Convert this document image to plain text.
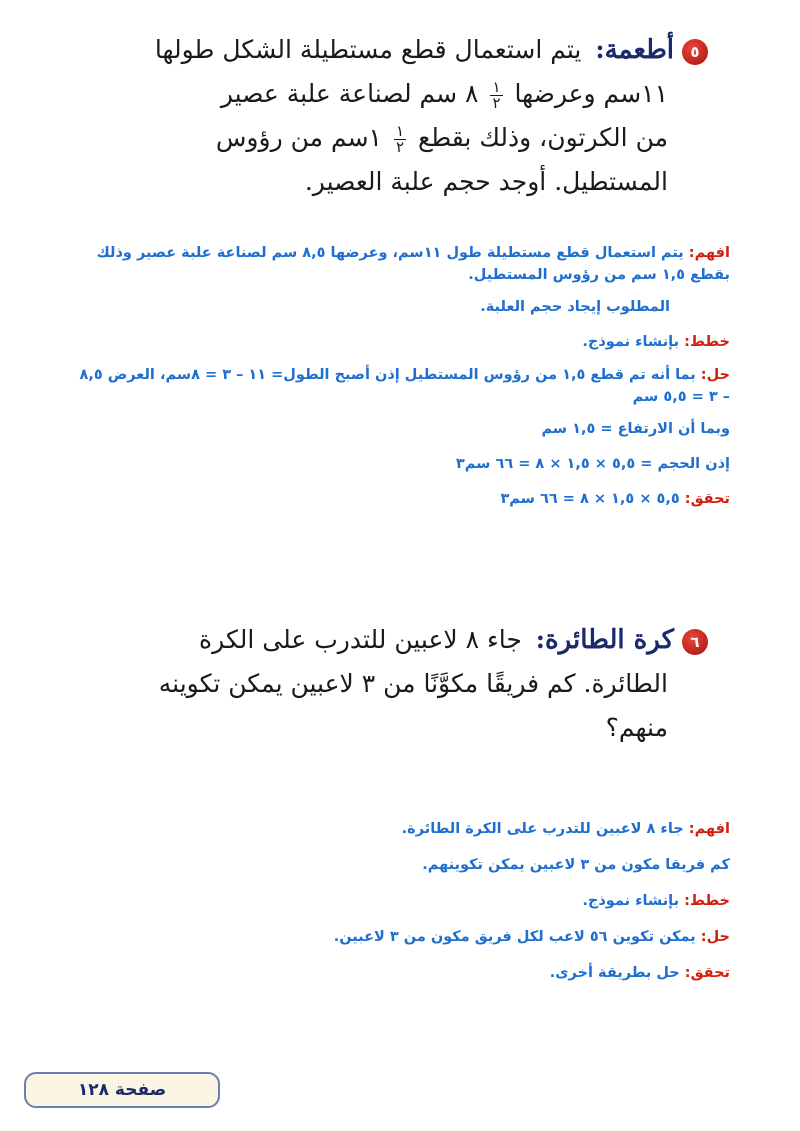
٥أطعمة: يتم استعمال قطع مستطيلة الشكل طولها
١١سم وعرضها
$\frac{١}{٢}$
٨ سم لصناعة علبة عصير
من الكرتون، وذلك بقطع
$\frac{١}{٢}$
١سم من رؤوس
المستطيل. أوجد حجم علبة العصير.

افهم: يتم استعمال قطع مستطيلة طول ١١سم، وعرضها ٨,٥ سم لصناعة علبة عصير وذلك بقطع ١,٥ سم من رؤوس المستطيل.

المطلوب إيجاد حجم العلبة.

خطط: بإنشاء نموذج.

حل: بما أنه تم قطع ١,٥ من رؤوس المستطيل إذن أصبح الطول= ١١ – ٣ = ٨سم، العرض ٨,٥ – ٣ = ٥,٥ سم

وبما أن الارتفاع = ١,٥ سم

إذن الحجم = ٥,٥ × ١,٥ × ٨ = ٦٦ سم٣

تحقق: ٥,٥ × ١,٥ × ٨ = ٦٦ سم٣

٦كرة الطائرة: جاء ٨ لاعبين للتدرب على الكرة
الطائرة. كم فريقًا مكوَّنًا من ٣ لاعبين يمكن تكوينه
منهم؟

افهم: جاء ٨ لاعبين للتدرب على الكرة الطائرة.

كم فريقا مكون من ٣ لاعبين يمكن تكوينهم.

خطط: بإنشاء نموذج.

حل: يمكن تكوين ٥٦ لاعب لكل فريق مكون من ٣ لاعبين.

تحقق: حل بطريقة أخرى.

صفحة ١٢٨
